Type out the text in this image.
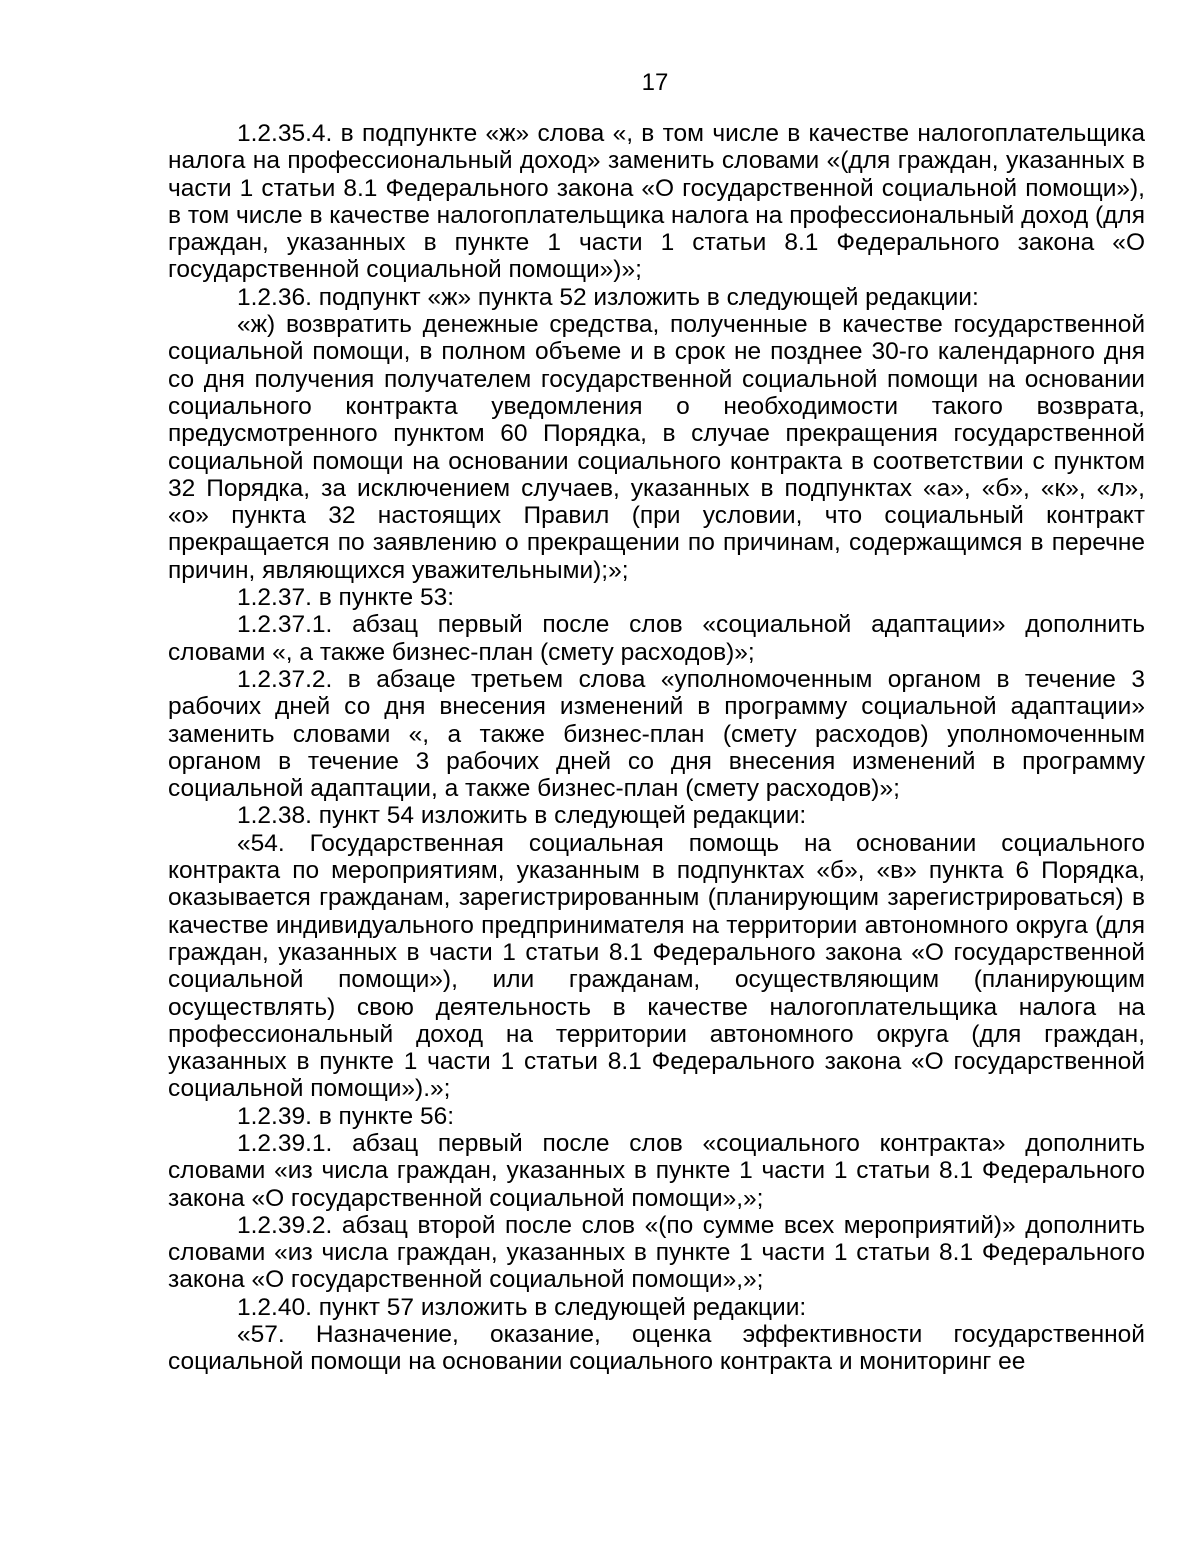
17

1.2.35.4. в подпункте «ж» слова «, в том числе в качестве налогоплательщика налога на профессиональный доход» заменить словами «(для граждан, указанных в части 1 статьи 8.1 Федерального закона «О государственной социальной помощи»), в том числе в качестве налогоплательщика налога на профессиональный доход (для граждан, указанных в пункте 1 части 1 статьи 8.1 Федерального закона «О государственной социальной помощи»)»;

1.2.36. подпункт «ж» пункта 52 изложить в следующей редакции:

«ж) возвратить денежные средства, полученные в качестве государственной социальной помощи, в полном объеме и в срок не позднее 30-го календарного дня со дня получения получателем государственной социальной помощи на основании социального контракта уведомления о необходимости такого возврата, предусмотренного пунктом 60 Порядка, в случае прекращения государственной социальной помощи на основании социального контракта в соответствии с пунктом 32 Порядка, за исключением случаев, указанных в подпунктах «а», «б», «к», «л», «о» пункта 32 настоящих Правил (при условии, что социальный контракт прекращается по заявлению о прекращении по причинам, содержащимся в перечне причин, являющихся уважительными);»;

1.2.37. в пункте 53:

1.2.37.1. абзац первый после слов «социальной адаптации» дополнить словами «, а также бизнес-план (смету расходов)»;

1.2.37.2. в абзаце третьем слова «уполномоченным органом в течение 3 рабочих дней со дня внесения изменений в программу социальной адаптации» заменить словами «, а также бизнес-план (смету расходов) уполномоченным органом в течение 3 рабочих дней со дня внесения изменений в программу социальной адаптации, а также бизнес-план (смету расходов)»;

1.2.38. пункт 54 изложить в следующей редакции:

«54. Государственная социальная помощь на основании социального контракта по мероприятиям, указанным в подпунктах «б», «в» пункта 6 Порядка, оказывается гражданам, зарегистрированным (планирующим зарегистрироваться) в качестве индивидуального предпринимателя на территории автономного округа (для граждан, указанных в части 1 статьи 8.1 Федерального закона «О государственной социальной помощи»), или гражданам, осуществляющим (планирующим осуществлять) свою деятельность в качестве налогоплательщика налога на профессиональный доход на территории автономного округа (для граждан, указанных в пункте 1 части 1 статьи 8.1 Федерального закона «О государственной социальной помощи»).»;

1.2.39. в пункте 56:

1.2.39.1. абзац первый после слов «социального контракта» дополнить словами «из числа граждан, указанных в пункте 1 части 1 статьи 8.1 Федерального закона «О государственной социальной помощи»,»;

1.2.39.2. абзац второй после слов «(по сумме всех мероприятий)» дополнить словами «из числа граждан, указанных в пункте 1 части 1 статьи 8.1 Федерального закона «О государственной социальной помощи»,»;

1.2.40. пункт 57 изложить в следующей редакции:

«57. Назначение, оказание, оценка эффективности государственной социальной помощи на основании социального контракта и мониторинг ее
